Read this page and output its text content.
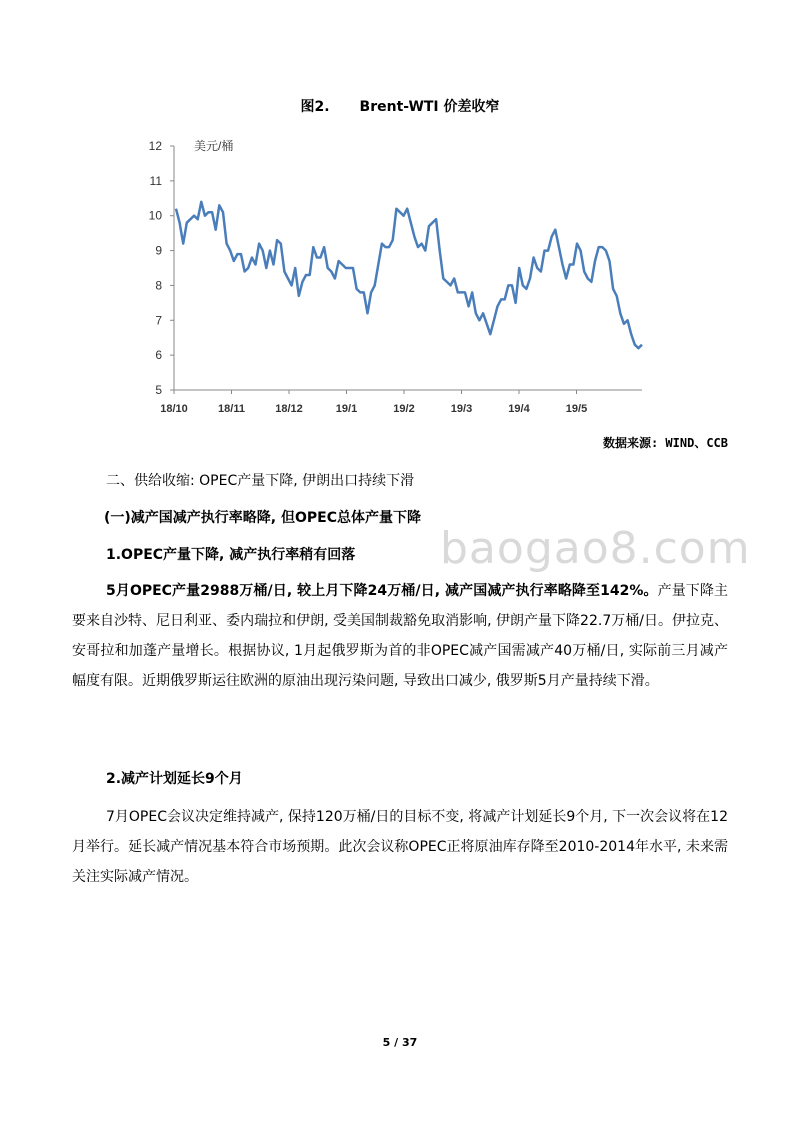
图2. Brent-WTI 价差收窄
5
6
7
8
9
10
11
12	美元/桶
18/10	18/11	18/12	19/1	19/2	19/3	19/4	19/5
数据来源: WIND、CCB
baogao8.com
二、供给收缩: OPEC产量下降, 伊朗出口持续下滑
(一)减产国减产执行率略降, 但OPEC总体产量下降
1.OPEC产量下降, 减产执行率稍有回落
5月OPEC产量2988万桶/日, 较上月下降24万桶/日, 减产国减产执行率略降至142%。产量下降主要来自沙特、尼日利亚、委内瑞拉和伊朗, 受美国制裁豁免取消影响, 伊朗产量下降22.7万桶/日。伊拉克、安哥拉和加蓬产量增长。根据协议, 1月起俄罗斯为首的非OPEC减产国需减产40万桶/日, 实际前三月减产幅度有限。近期俄罗斯运往欧洲的原油出现污染问题, 导致出口减少, 俄罗斯5月产量持续下滑。
2.减产计划延长9个月
7月OPEC会议决定维持减产, 保持120万桶/日的目标不变, 将减产计划延长9个月, 下一次会议将在12月举行。延长减产情况基本符合市场预期。此次会议称OPEC正将原油库存降至2010-2014年水平, 未来需关注实际减产情况。
5 / 37
